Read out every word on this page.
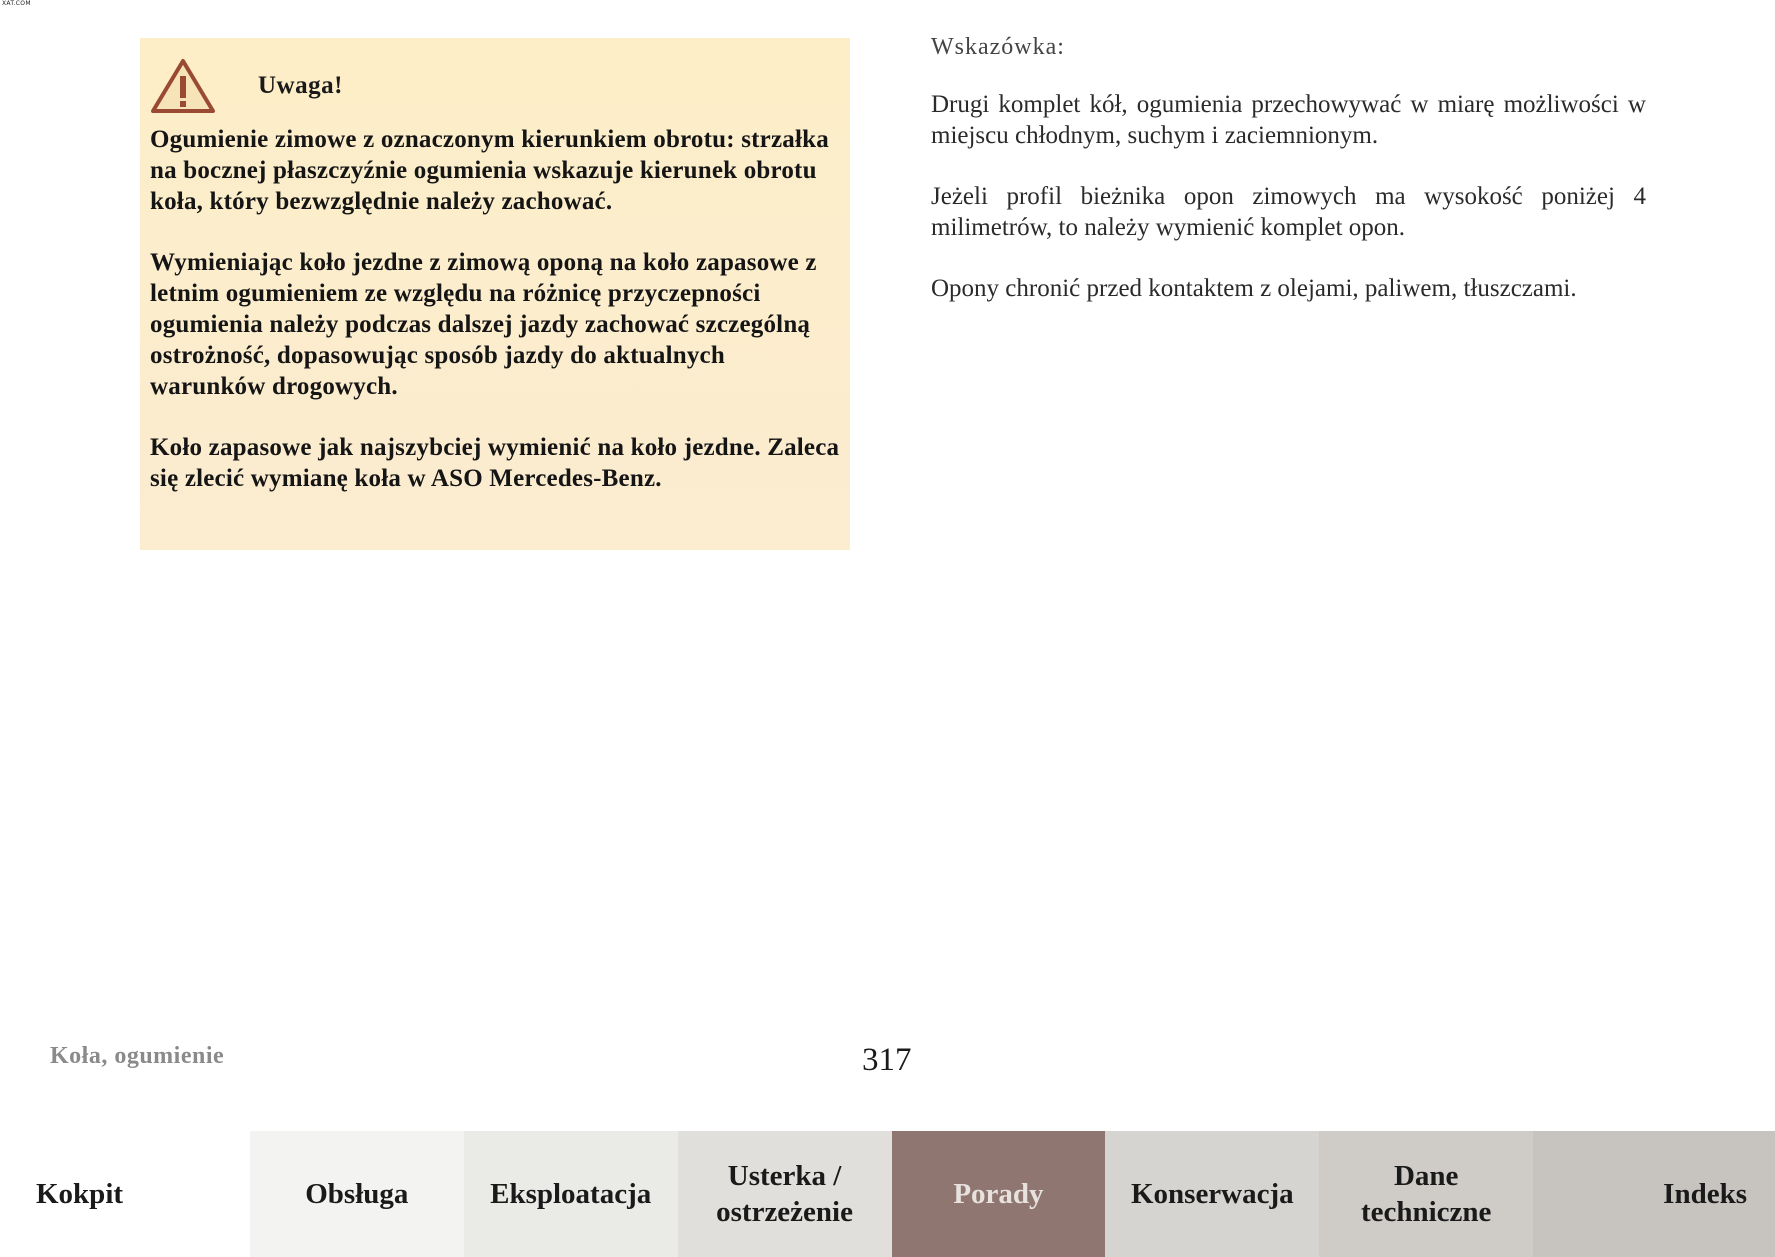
XAT.COM
Uwaga!

Ogumienie zimowe z oznaczonym kierunkiem obrotu: strzałka na bocznej płaszczyźnie ogumienia wskazuje kierunek obrotu koła, który bezwzględnie należy zachować.

Wymieniając koło jezdne z zimową oponą na koło zapasowe z letnim ogumieniem ze względu na różnicę przyczepności ogumienia należy podczas dalszej jazdy zachować szczególną ostrożność, dopasowując sposób jazdy do aktualnych warunków drogowych.

Koło zapasowe jak najszybciej wymienić na koło jezdne. Zaleca się zlecić wymianę koła w ASO Mercedes-Benz.

Wskazówka:

Drugi komplet kół, ogumienia przechowywać w miarę możliwości w miejscu chłodnym, suchym i zaciemnionym.

Jeżeli profil bieżnika opon zimowych ma wysokość poniżej 4 milimetrów, to należy wymienić komplet opon.

Opony chronić przed kontaktem z olejami, paliwem, tłuszczami.

Koła, ogumienie	317
Kokpit	Obsługa	Eksploatacja
Usterka /
ostrzeżenie
Porady	Konserwacja
Dane
techniczne
Indeks
